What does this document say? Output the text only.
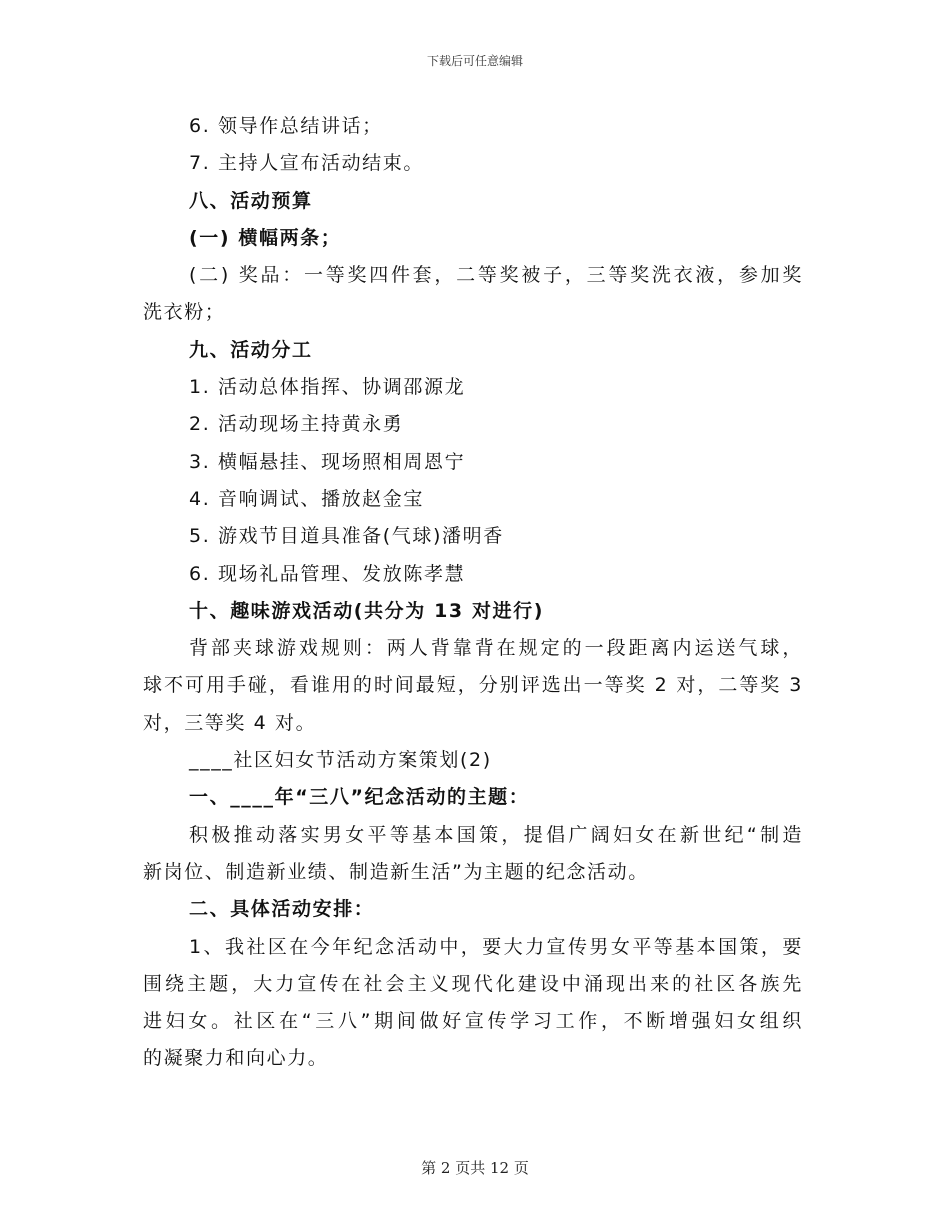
下载后可任意编辑
6. 领导作总结讲话；
7. 主持人宣布活动结束。
八、活动预算
(一) 横幅两条；
(二) 奖品：一等奖四件套，二等奖被子，三等奖洗衣液，参加奖
洗衣粉；
九、活动分工
1. 活动总体指挥、协调邵源龙
2. 活动现场主持黄永勇
3. 横幅悬挂、现场照相周恩宁
4. 音响调试、播放赵金宝
5. 游戏节目道具准备(气球)潘明香
6. 现场礼品管理、发放陈孝慧
十、趣味游戏活动(共分为 13 对进行)
背部夹球游戏规则：两人背靠背在规定的一段距离内运送气球，
球不可用手碰，看谁用的时间最短，分别评选出一等奖 2 对，二等奖 3
对，三等奖 4 对。
____社区妇女节活动方案策划(2)
一、____年“三八”纪念活动的主题：
积极推动落实男女平等基本国策，提倡广阔妇女在新世纪“制造
新岗位、制造新业绩、制造新生活”为主题的纪念活动。
二、具体活动安排：
1、我社区在今年纪念活动中，要大力宣传男女平等基本国策，要
围绕主题，大力宣传在社会主义现代化建设中涌现出来的社区各族先
进妇女。社区在“三八”期间做好宣传学习工作，不断增强妇女组织
的凝聚力和向心力。
第 2 页共 12 页
